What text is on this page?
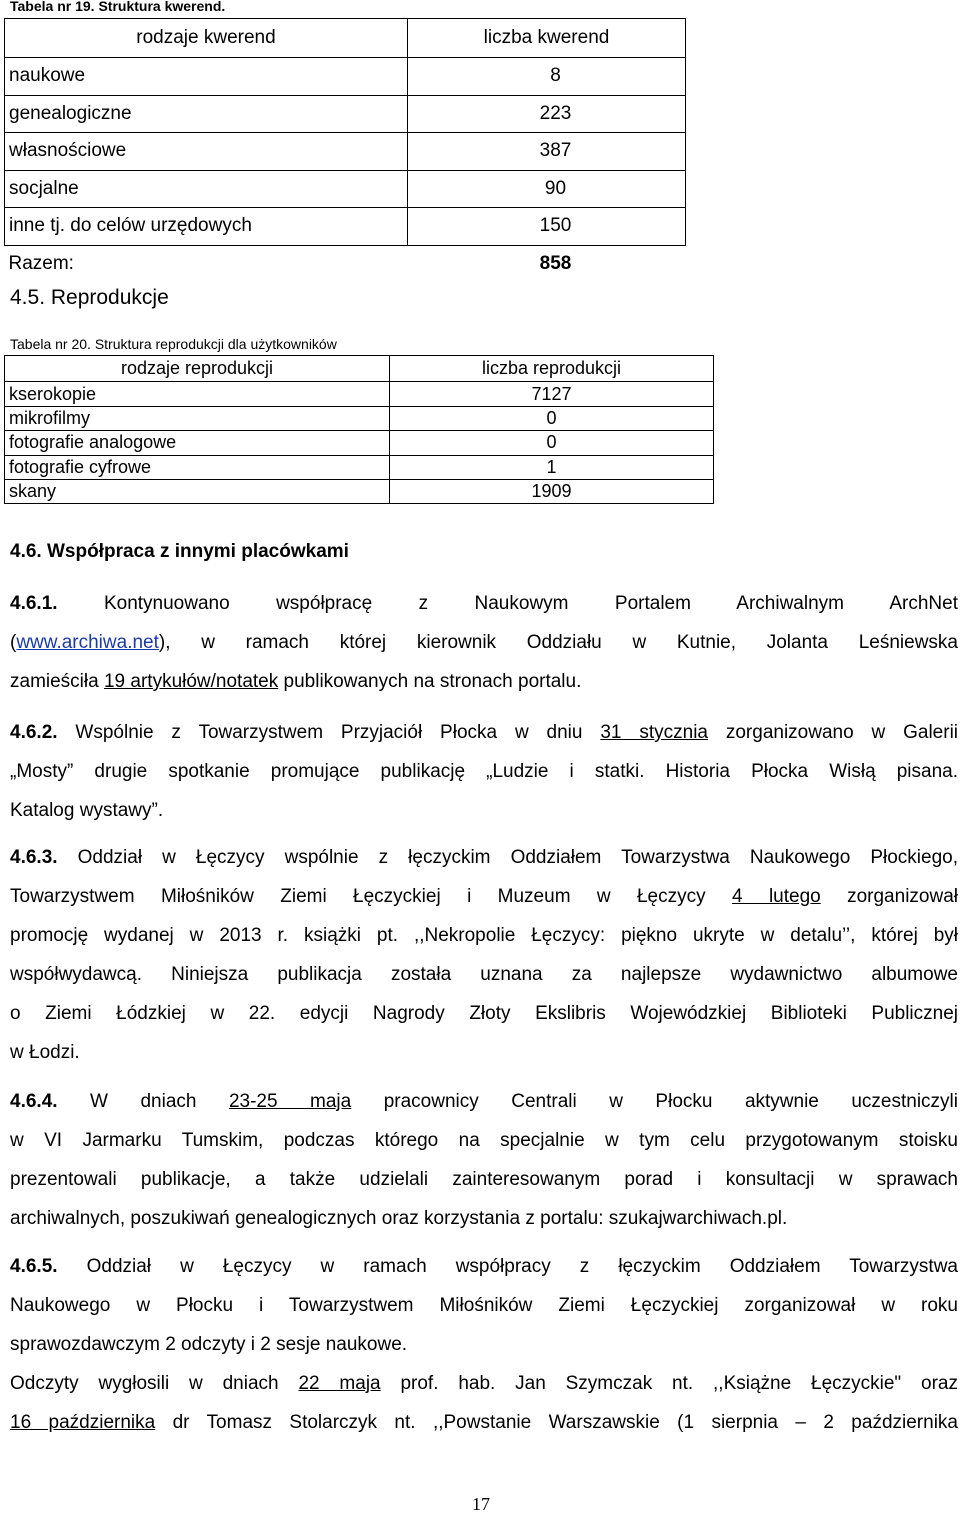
Tabela nr 19. Struktura kwerend.
rodzaje kwerend	liczba kwerend
naukowe	8
genealogiczne	223
własnościowe	387
socjalne	90
inne tj. do celów urzędowych	150
Razem:	858
4.5. Reprodukcje
Tabela nr 20. Struktura reprodukcji dla użytkowników
rodzaje reprodukcji	liczba reprodukcji
kserokopie	7127
mikrofilmy	0
fotografie analogowe	0
fotografie cyfrowe	1
skany	1909
4.6. Współpraca z innymi placówkami
4.6.1. Kontynuowano współpracę z Naukowym Portalem Archiwalnym ArchNet
(www.archiwa.net), w ramach której kierownik Oddziału w Kutnie, Jolanta Leśniewska
zamieściła 19 artykułów/notatek publikowanych na stronach portalu.
4.6.2. Wspólnie z Towarzystwem Przyjaciół Płocka w dniu 31 stycznia zorganizowano w Galerii
„Mosty” drugie spotkanie promujące publikację „Ludzie i statki. Historia Płocka Wisłą pisana.
Katalog wystawy”.
4.6.3. Oddział w Łęczycy wspólnie z łęczyckim Oddziałem Towarzystwa Naukowego Płockiego,
Towarzystwem Miłośników Ziemi Łęczyckiej i Muzeum w Łęczycy 4 lutego zorganizował
promocję wydanej w 2013 r. książki pt. ,,Nekropolie Łęczycy: piękno ukryte w detalu’’, której był
współwydawcą. Niniejsza publikacja została uznana za najlepsze wydawnictwo albumowe
o Ziemi Łódzkiej w 22. edycji Nagrody Złoty Ekslibris Wojewódzkiej Biblioteki Publicznej
w Łodzi.
4.6.4. W dniach 23-25 maja pracownicy Centrali w Płocku aktywnie uczestniczyli
w VI Jarmarku Tumskim, podczas którego na specjalnie w tym celu przygotowanym stoisku
prezentowali publikacje, a także udzielali zainteresowanym porad i konsultacji w sprawach
archiwalnych, poszukiwań genealogicznych oraz korzystania z portalu: szukajwarchiwach.pl.
4.6.5. Oddział w Łęczycy w ramach współpracy z łęczyckim Oddziałem Towarzystwa
Naukowego w Płocku i Towarzystwem Miłośników Ziemi Łęczyckiej zorganizował w roku
sprawozdawczym 2 odczyty i 2 sesje naukowe.
Odczyty wygłosili w dniach 22 maja prof. hab. Jan Szymczak nt. ,,Książne Łęczyckie" oraz
16 października dr Tomasz Stolarczyk nt. ,,Powstanie Warszawskie (1 sierpnia – 2 października
17
